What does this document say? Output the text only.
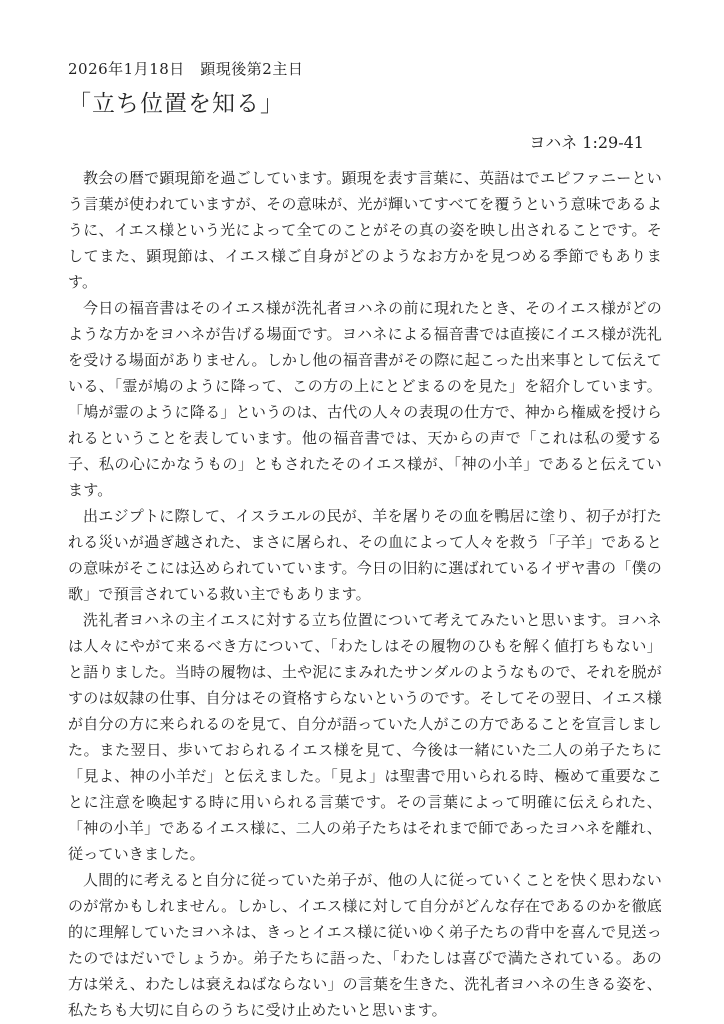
2026年1月18日　顕現後第2主日
「立ち位置を知る」
ヨハネ 1:29-41

教会の暦で顕現節を過ごしています。顕現を表す言葉に、英語はでエピファニーという言葉が使われていますが、その意味が、光が輝いてすべてを覆うという意味であるように、イエス様という光によって全てのことがその真の姿を映し出されることです。そしてまた、顕現節は、イエス様ご自身がどのようなお方かを見つめる季節でもあります。

今日の福音書はそのイエス様が洗礼者ヨハネの前に現れたとき、そのイエス様がどのような方かをヨハネが告げる場面です。ヨハネによる福音書では直接にイエス様が洗礼を受ける場面がありません。しかし他の福音書がその際に起こった出来事として伝えている、「霊が鳩のように降って、この方の上にとどまるのを見た」を紹介しています。「鳩が霊のように降る」というのは、古代の人々の表現の仕方で、神から権威を授けられるということを表しています。他の福音書では、天からの声で「これは私の愛する子、私の心にかなうもの」ともされたそのイエス様が、「神の小羊」であると伝えています。

出エジプトに際して、イスラエルの民が、羊を屠りその血を鴨居に塗り、初子が打たれる災いが過ぎ越された、まさに屠られ、その血によって人々を救う「子羊」であるとの意味がそこには込められていています。今日の旧約に選ばれているイザヤ書の「僕の歌」で預言されている救い主でもあります。

洗礼者ヨハネの主イエスに対する立ち位置について考えてみたいと思います。ヨハネは人々にやがて来るべき方について、「わたしはその履物のひもを解く値打ちもない」と語りました。当時の履物は、土や泥にまみれたサンダルのようなもので、それを脱がすのは奴隷の仕事、自分はその資格すらないというのです。そしてその翌日、イエス様が自分の方に来られるのを見て、自分が語っていた人がこの方であることを宣言しました。また翌日、歩いておられるイエス様を見て、今後は一緒にいた二人の弟子たちに「見よ、神の小羊だ」と伝えました。「見よ」は聖書で用いられる時、極めて重要なことに注意を喚起する時に用いられる言葉です。その言葉によって明確に伝えられた、「神の小羊」であるイエス様に、二人の弟子たちはそれまで師であったヨハネを離れ、従っていきました。

人間的に考えると自分に従っていた弟子が、他の人に従っていくことを快く思わないのが常かもしれません。しかし、イエス様に対して自分がどんな存在であるのかを徹底的に理解していたヨハネは、きっとイエス様に従いゆく弟子たちの背中を喜んで見送ったのではだいでしょうか。弟子たちに語った、「わたしは喜びで満たされている。あの方は栄え、わたしは衰えねばならない」の言葉を生きた、洗礼者ヨハネの生きる姿を、私たちも大切に自らのうちに受け止めたいと思います。
